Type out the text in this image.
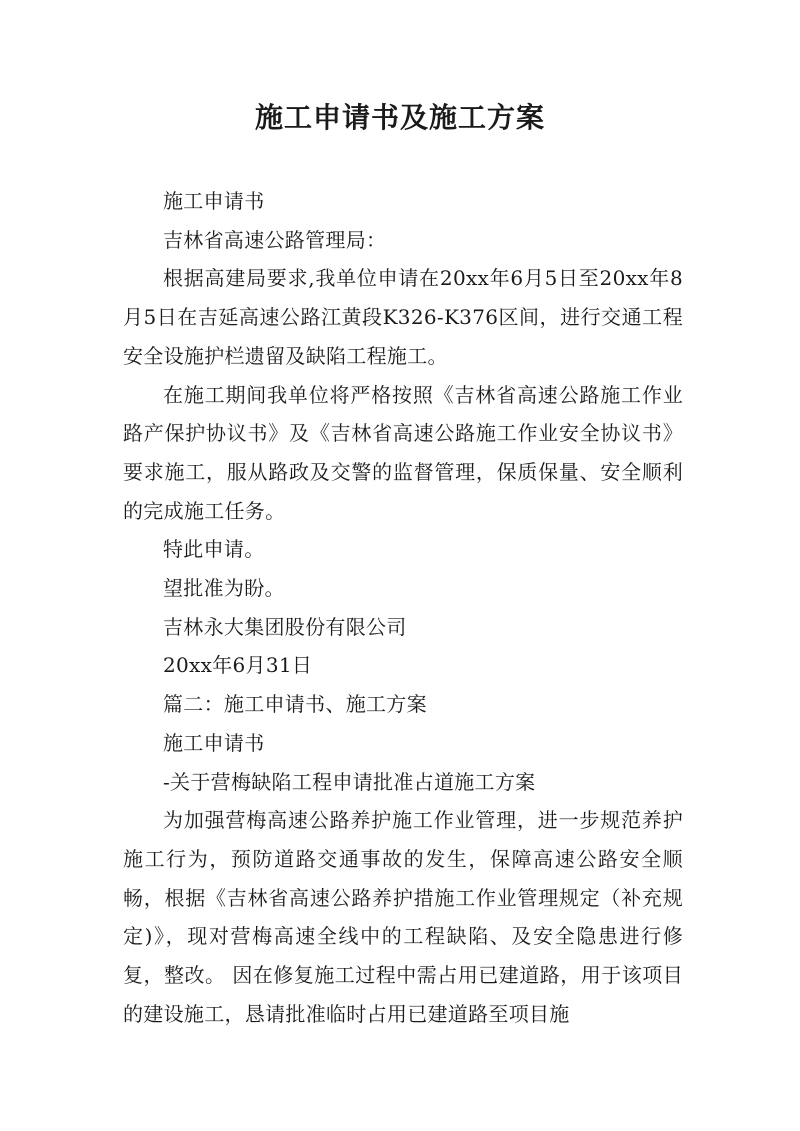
施工申请书及施工方案

施工申请书

吉林省高速公路管理局：

根据高建局要求,我单位申请在20xx年6月5日至20xx年8月5日在吉延高速公路江黄段K326-K376区间，进行交通工程安全设施护栏遗留及缺陷工程施工。

在施工期间我单位将严格按照《吉林省高速公路施工作业路产保护协议书》及《吉林省高速公路施工作业安全协议书》要求施工，服从路政及交警的监督管理，保质保量、安全顺利的完成施工任务。

特此申请。

望批准为盼。

吉林永大集团股份有限公司

20xx年6月31日

篇二：施工申请书、施工方案

施工申请书

-关于营梅缺陷工程申请批准占道施工方案

为加强营梅高速公路养护施工作业管理，进一步规范养护施工行为，预防道路交通事故的发生，保障高速公路安全顺畅，根据《吉林省高速公路养护措施工作业管理规定（补充规定)》，现对营梅高速全线中的工程缺陷、及安全隐患进行修复，整改。 因在修复施工过程中需占用已建道路，用于该项目的建设施工，恳请批准临时占用已建道路至项目施
